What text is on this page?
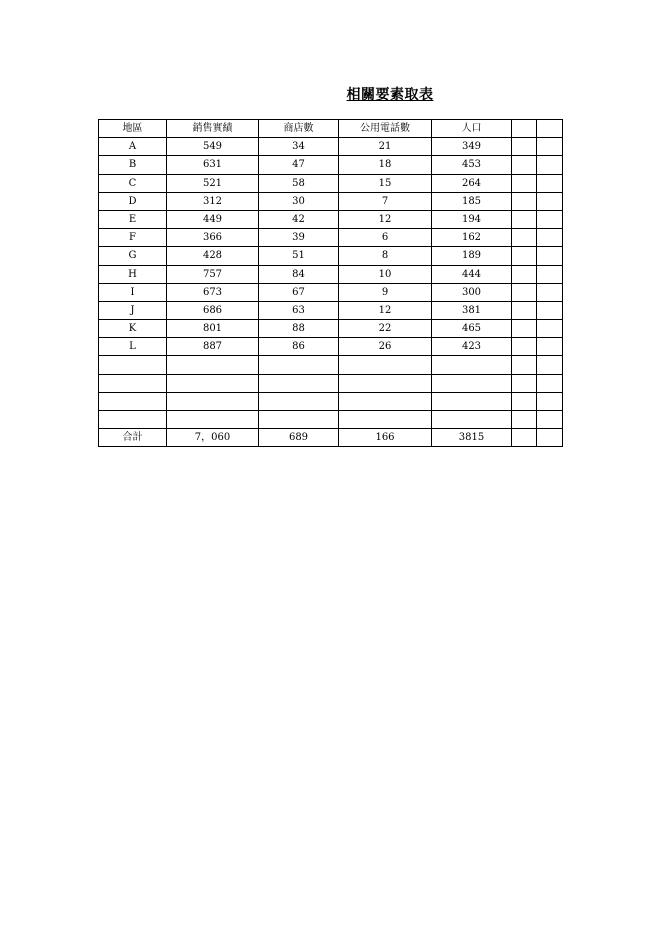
相關要素取表
地區	銷售實績	商店數	公用電話數	人口		
A	549	34	21	349		
B	631	47	18	453		
C	521	58	15	264		
D	312	30	7	185		
E	449	42	12	194		
F	366	39	6	162		
G	428	51	8	189		
H	757	84	10	444		
I	673	67	9	300		
J	686	63	12	381		
K	801	88	22	465		
L	887	86	26	423		

合計	7，060	689	166	3815		
